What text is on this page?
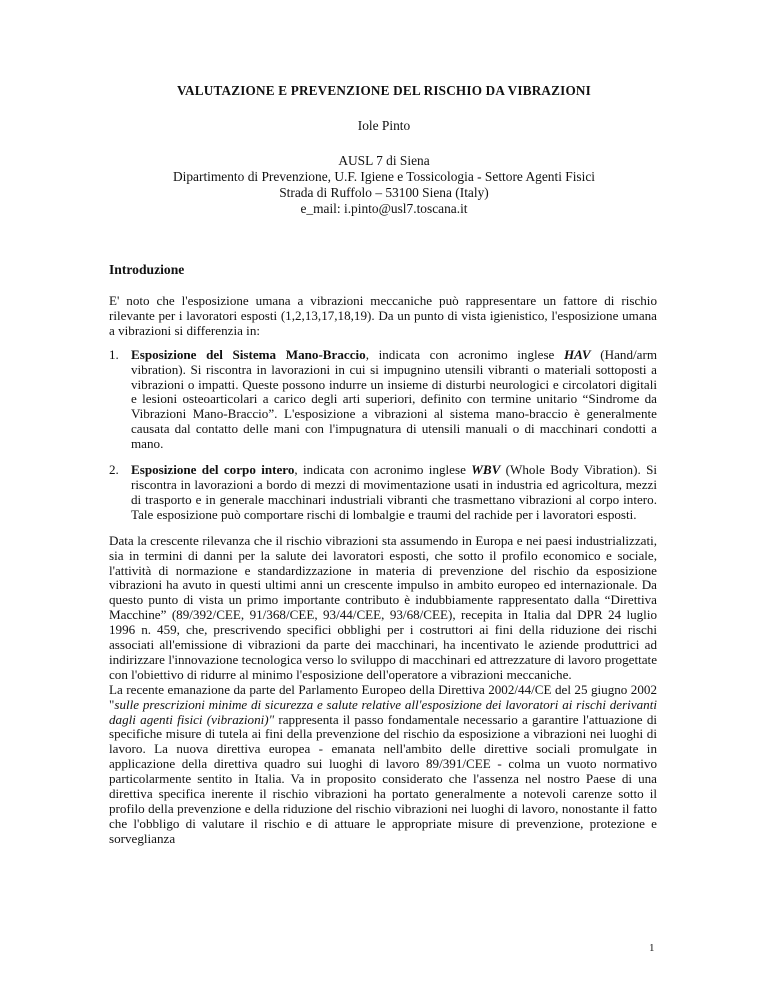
VALUTAZIONE E PREVENZIONE DEL RISCHIO DA VIBRAZIONI
Iole Pinto
AUSL 7 di Siena
Dipartimento di Prevenzione, U.F. Igiene e Tossicologia - Settore Agenti Fisici
Strada di Ruffolo – 53100 Siena (Italy)
e_mail: i.pinto@usl7.toscana.it
Introduzione

E' noto che l'esposizione umana a vibrazioni meccaniche può rappresentare un fattore di rischio rilevante per i lavoratori esposti (1,2,13,17,18,19). Da un punto di vista igienistico, l'esposizione umana a vibrazioni si differenzia in:

1. Esposizione del Sistema Mano-Braccio, indicata con acronimo inglese HAV (Hand/arm vibration). Si riscontra in lavorazioni in cui si impugnino utensili vibranti o materiali sottoposti a vibrazioni o impatti. Queste possono indurre un insieme di disturbi neurologici e circolatori digitali e lesioni osteoarticolari a carico degli arti superiori, definito con termine unitario “Sindrome da Vibrazioni Mano-Braccio”. L'esposizione a vibrazioni al sistema mano-braccio è generalmente causata dal contatto delle mani con l'impugnatura di utensili manuali o di macchinari condotti a mano.

2. Esposizione del corpo intero, indicata con acronimo inglese WBV (Whole Body Vibration). Si riscontra in lavorazioni a bordo di mezzi di movimentazione usati in industria ed agricoltura, mezzi di trasporto e in generale macchinari industriali vibranti che trasmettano vibrazioni al corpo intero. Tale esposizione può comportare rischi di lombalgie e traumi del rachide per i lavoratori esposti.

Data la crescente rilevanza che il rischio vibrazioni sta assumendo in Europa e nei paesi industrializzati, sia in termini di danni per la salute dei lavoratori esposti, che sotto il profilo economico e sociale, l'attività di normazione e standardizzazione in materia di prevenzione del rischio da esposizione vibrazioni ha avuto in questi ultimi anni un crescente impulso in ambito europeo ed internazionale. Da questo punto di vista un primo importante contributo è indubbiamente rappresentato dalla “Direttiva Macchine” (89/392/CEE, 91/368/CEE, 93/44/CEE, 93/68/CEE), recepita in Italia dal DPR 24 luglio 1996 n. 459, che, prescrivendo specifici obblighi per i costruttori ai fini della riduzione dei rischi associati all'emissione di vibrazioni da parte dei macchinari, ha incentivato le aziende produttrici ad indirizzare l'innovazione tecnologica verso lo sviluppo di macchinari ed attrezzature di lavoro progettate con l'obiettivo di ridurre al minimo l'esposizione dell'operatore a vibrazioni meccaniche.

La recente emanazione da parte del Parlamento Europeo della Direttiva 2002/44/CE del 25 giugno 2002 "sulle prescrizioni minime di sicurezza e salute relative all'esposizione dei lavoratori ai rischi derivanti dagli agenti fisici (vibrazioni)" rappresenta il passo fondamentale necessario a garantire l'attuazione di specifiche misure di tutela ai fini della prevenzione del rischio da esposizione a vibrazioni nei luoghi di lavoro. La nuova direttiva europea - emanata nell'ambito delle direttive sociali promulgate in applicazione della direttiva quadro sui luoghi di lavoro 89/391/CEE - colma un vuoto normativo particolarmente sentito in Italia. Va in proposito considerato che l'assenza nel nostro Paese di una direttiva specifica inerente il rischio vibrazioni ha portato generalmente a notevoli carenze sotto il profilo della prevenzione e della riduzione del rischio vibrazioni nei luoghi di lavoro, nonostante il fatto che l'obbligo di valutare il rischio e di attuare le appropriate misure di prevenzione, protezione e sorveglianza

1
